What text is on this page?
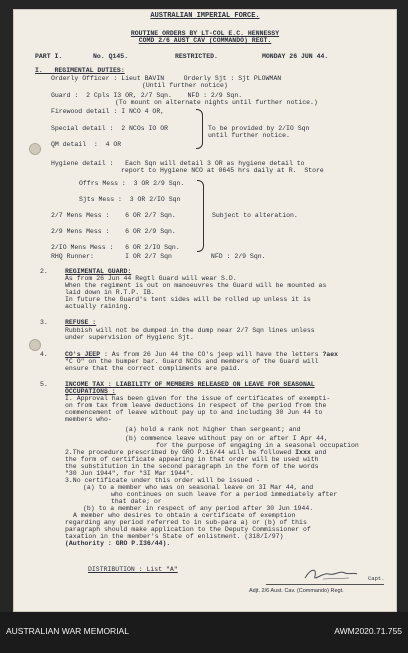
AUSTRALIAN IMPERIAL FORCE.
ROUTINE ORDERS BY LT-COL E.C. HENNESSY
COMD 2/6 AUST CAV (COMMANDO) REGT.
PART I.	No. Q145.	RESTRICTED.	MONDAY 26 JUN 44.
I.   REGIMENTAL DUTIES:
Orderly Officer : Lieut BAVIN     Orderly Sjt : Sjt PLOWMAN
(Until further notice)
Guard :  2 Cpls I3 OR, 2/7 Sqn.    NFD : 2/9 Sqn.
(To mount on alternate nights until further notice.)
Firewood detail : I NCO 4 OR,
Special detail :  2 NCOs IO OR
QM detail  :  4 OR
To be provided by 2/IO Sqn
until further notice.
Hygiene detail :   Each Sqn will detail 3 OR as hygiene detail to
report to Hygiene NCO at 0645 hrs daily at R.  Store
Offrs Mess :  3 OR 2/9 Sqn.
Sjts Mess :  3 OR 2/IO Sqn
2/7 Mens Mess :    6 OR 2/7 Sqn.
2/9 Mens Mess :    6 OR 2/9 Sqn.
2/IO Mens Mess :   6 OR 2/IO Sqn.
Subject to alteration.
RHQ Runner:        I OR 2/7 Sqn          NFD : 2/9 Sqn.
2.	REGIMENTAL GUARD:
As from 26 Jun 44 Regtl Guard will wear S.D.
When the regiment is out on manoeuvres the Guard will be mounted as
laid down in R.T.P. IB.
In future the Guard's tent sides will be rolled up unless it is
actually raining.
3.	REFUSE :
Rubbish will not be dumped in the dump near 2/7 Sqn lines unless
under supervision of Hygienc Sjt.
4.	CO's JEEP : As from 26 Jun 44 the CO's jeep will have the letters ?aex
"C O" on the bumper bar. Guard NCOs and members of the Guard will
ensure that the correct compliments are paid.
5.	INCOME TAX : LIABILITY OF MEMBERS RELEASED ON LEAVE FOR SEASONAL
OCCUPATIONS :
I. Approval has been given for the issue of certificates of exempti-
on from tax from leave deductions in respect of the period from the
commencement of leave without pay up to and including 30 Jun 44 to
members who-
(a) hold a rank not higher than sergeant; and
(b) commence leave without pay on or after I Apr 44,
for the purpose of engaging in a seasonal occupation
2.The procedure prescribed by GRO P.16/44 will be followed Ixxx and
the form of certificate appearing in that order will be used with
the substitution in the second paragraph in the form of the words
"30 Jun 1944", for "3I Mar 1944".
3.No certificate under this order will be issued -
(a) to a member who was on seasonal leave on 3I Mar 44, and
who continues on such leave for a period immediately after
that date; or
(b) to a member in respect of any period after 30 Jun 1944.
A member who desires to obtain a certificate of exemption
regarding any period referred to in sub-para a) or (b) of this
paragraph should make application to the Deputy Commissioner of
taxation in the member's State of enlistment. (318/I/97)
(Authority : GRO P.I36/44).
DISTRIBUTION : List "A"
Capt.
Adjt. 2/6 Aust. Cav. (Commando) Regt.
AUSTRALIAN WAR MEMORIAL	AWM2020.71.755
